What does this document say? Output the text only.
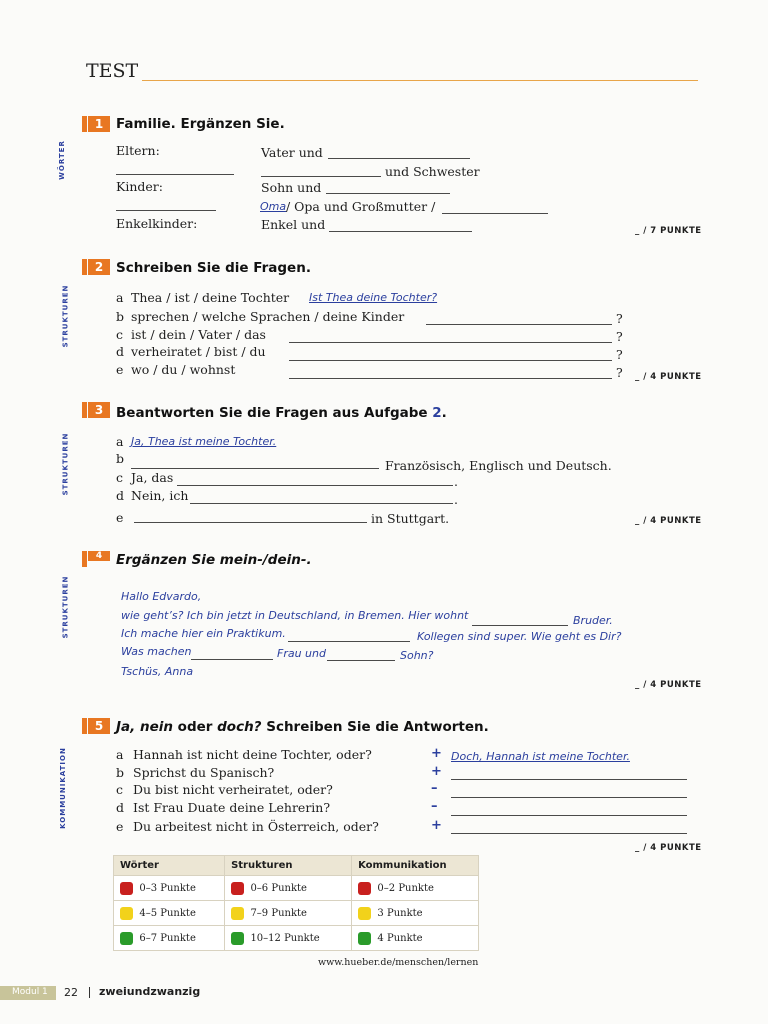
TEST
1 Familie. Ergänzen Sie.
WÖRTER	Eltern:	Vater und
und Schwester
Kinder:	Sohn und
Oma / Opa und Großmutter /
Enkelkinder:	Enkel und	_ / 7 PUNKTE
2 Schreiben Sie die Fragen.
STRUKTUREN	a Thea / ist / deine Tochter Ist Thea deine Tochter?
b sprechen / welche Sprachen / deine Kinder	?
c ist / dein / Vater / das	?
d verheiratet / bist / du	?
e wo / du / wohnst	? _ / 4 PUNKTE
3 Beantworten Sie die Fragen aus Aufgabe 2.
STRUKTUREN	a Ja, Thea ist meine Tochter.
b	Französisch, Englisch und Deutsch.
c Ja, das	.
d Nein, ich	.
e	in Stuttgart.	_ / 4 PUNKTE
4	Ergänzen Sie mein-/dein-.
STRUKTUREN	Hallo Edvardo,
wie geht’s? Ich bin jetzt in Deutschland, in Bremen. Hier wohnt	Bruder.
Ich mache hier ein Praktikum.	Kollegen sind super. Wie geht es Dir?
Was machen	Frau und	Sohn?
Tschüs, Anna
_ / 4 PUNKTE
5 Ja, nein oder doch? Schreiben Sie die Antworten.
KOMMUNIKATION	a Hannah ist nicht deine Tochter, oder?	+ Doch, Hannah ist meine Tochter.
b Sprichst du Spanisch?	+
c Du bist nicht verheiratet, oder?	–
d Ist Frau Duate deine Lehrerin?	–
e Du arbeitest nicht in Österreich, oder?	+
_ / 4 PUNKTE
Wörter	Strukturen	Kommunikation
0–3 Punkte	0–6 Punkte	0–2 Punkte
4–5 Punkte	7–9 Punkte	3 Punkte
6–7 Punkte	10–12 Punkte	4 Punkte
www.hueber.de/menschen/lernen
Modul 1 22 zweiundzwanzig
